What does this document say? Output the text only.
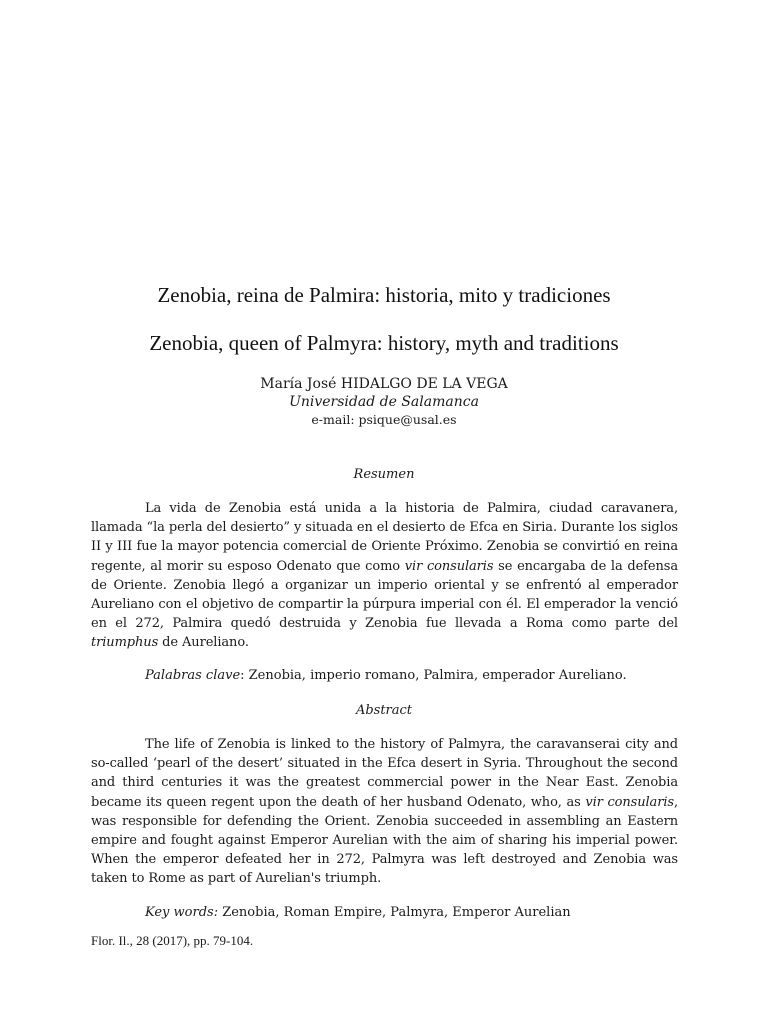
Zenobia, reina de Palmira: historia, mito y tradiciones
Zenobia, queen of Palmyra: history, myth and traditions
María José HIDALGO DE LA VEGA
Universidad de Salamanca
e-mail: psique@usal.es
Resumen

La vida de Zenobia está unida a la historia de Palmira, ciudad caravanera, llamada “la perla del desierto” y situada en el desierto de Efca en Siria. Durante los siglos II y III fue la mayor potencia comercial de Oriente Próximo. Zenobia se convirtió en reina regente, al morir su esposo Odenato que como vir consularis se encargaba de la defensa de Oriente. Zenobia llegó a organizar un imperio oriental y se enfrentó al emperador Aureliano con el objetivo de compartir la púrpura imperial con él. El emperador la venció en el 272, Palmira quedó destruida y Zenobia fue llevada a Roma como parte del triumphus de Aureliano.

Palabras clave: Zenobia, imperio romano, Palmira, emperador Aureliano.

Abstract

The life of Zenobia is linked to the history of Palmyra, the caravanserai city and so-called ‘pearl of the desert’ situated in the Efca desert in Syria. Throughout the second and third centuries it was the greatest commercial power in the Near East. Zenobia became its queen regent upon the death of her husband Odenato, who, as vir consularis, was responsible for defending the Orient. Zenobia succeeded in assembling an Eastern empire and fought against Emperor Aurelian with the aim of sharing his imperial power. When the emperor defeated her in 272, Palmyra was left destroyed and Zenobia was taken to Rome as part of Aurelian's triumph.

Key words: Zenobia, Roman Empire, Palmyra, Emperor Aurelian

Flor. Il., 28 (2017), pp. 79-104.
